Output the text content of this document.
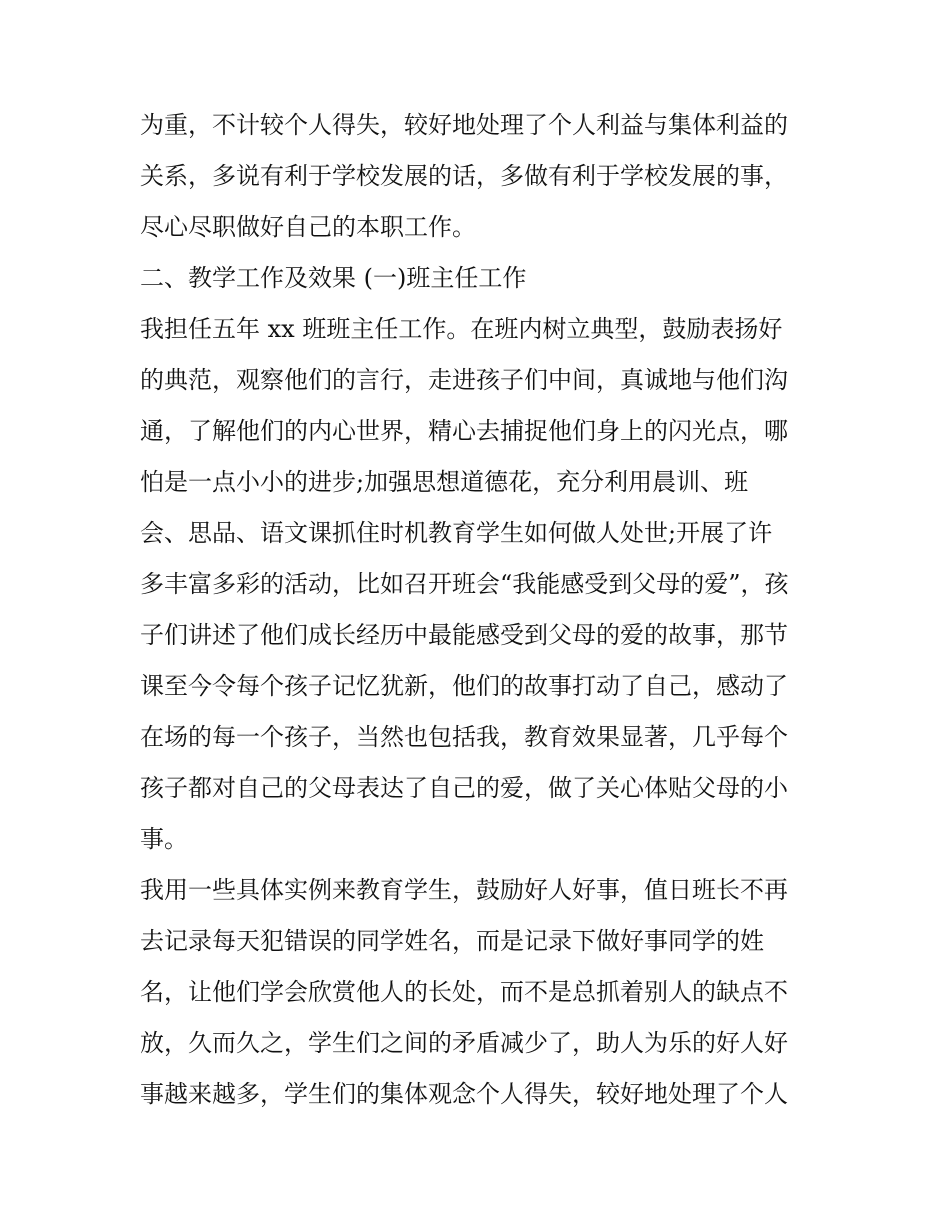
为重，不计较个人得失，较好地处理了个人利益与集体利益的
关系，多说有利于学校发展的话，多做有利于学校发展的事，
尽心尽职做好自己的本职工作。
二、教学工作及效果 (一)班主任工作
我担任五年 xx 班班主任工作。在班内树立典型，鼓励表扬好
的典范，观察他们的言行，走进孩子们中间，真诚地与他们沟
通，了解他们的内心世界，精心去捕捉他们身上的闪光点，哪
怕是一点小小的进步;加强思想道德花，充分利用晨训、班
会、思品、语文课抓住时机教育学生如何做人处世;开展了许
多丰富多彩的活动，比如召开班会“我能感受到父母的爱”，孩
子们讲述了他们成长经历中最能感受到父母的爱的故事，那节
课至今令每个孩子记忆犹新，他们的故事打动了自己，感动了
在场的每一个孩子，当然也包括我，教育效果显著，几乎每个
孩子都对自己的父母表达了自己的爱，做了关心体贴父母的小
事。
我用一些具体实例来教育学生，鼓励好人好事，值日班长不再
去记录每天犯错误的同学姓名，而是记录下做好事同学的姓
名，让他们学会欣赏他人的长处，而不是总抓着别人的缺点不
放，久而久之，学生们之间的矛盾减少了，助人为乐的好人好
事越来越多，学生们的集体观念个人得失，较好地处理了个人
